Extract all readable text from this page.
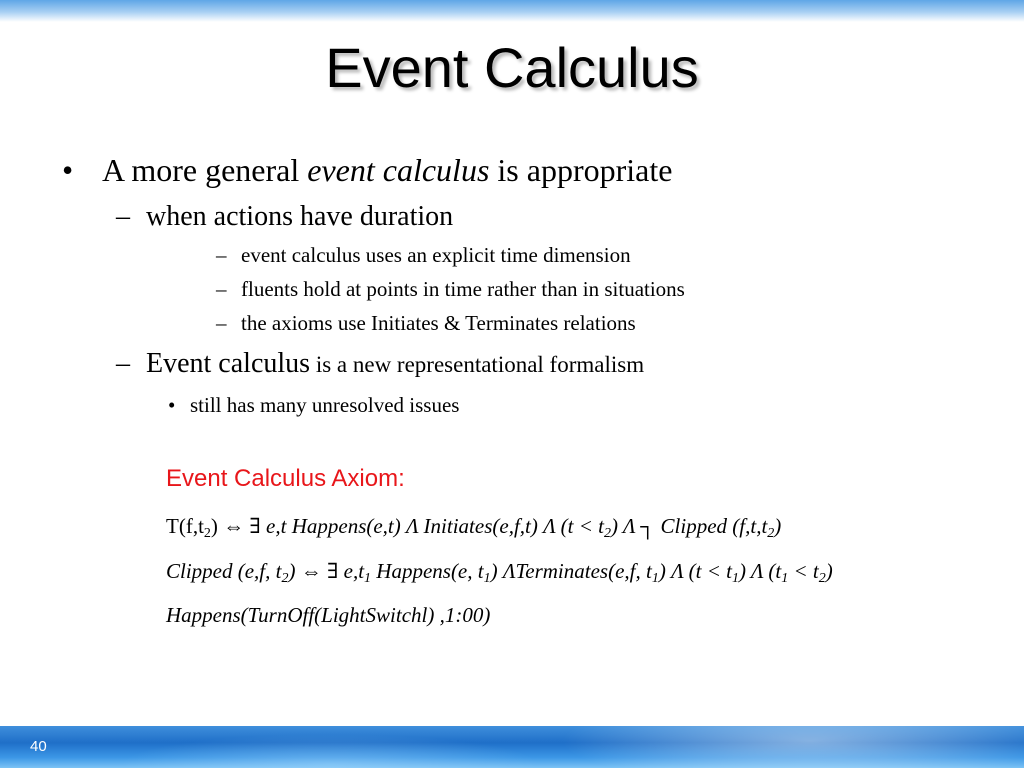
Event Calculus
• A more general event calculus is appropriate
– when actions have duration
– event calculus uses an explicit time dimension
– fluents hold at points in time rather than in situations
– the axioms use Initiates & Terminates relations
– Event calculus is a new representational formalism
• still has many unresolved issues
Event Calculus Axiom:
$T(f,t_2)$ ⇔ ∃ e,t Happens(e,t) Λ Initiates(e,f,t) Λ $(t < t_2)$ Λ ┐ Clipped $(f,t,t_2)$
Clipped (e,f, $t_2$) ⇔ ∃ $e,t_1$ Happens(e, $t_1$) ΛTerminates(e,f, $t_1$) Λ $(t < t_1)$ Λ $(t_1 < t_2)$
Happens(TurnOff(LightSwitchl) ,1:00)
40
